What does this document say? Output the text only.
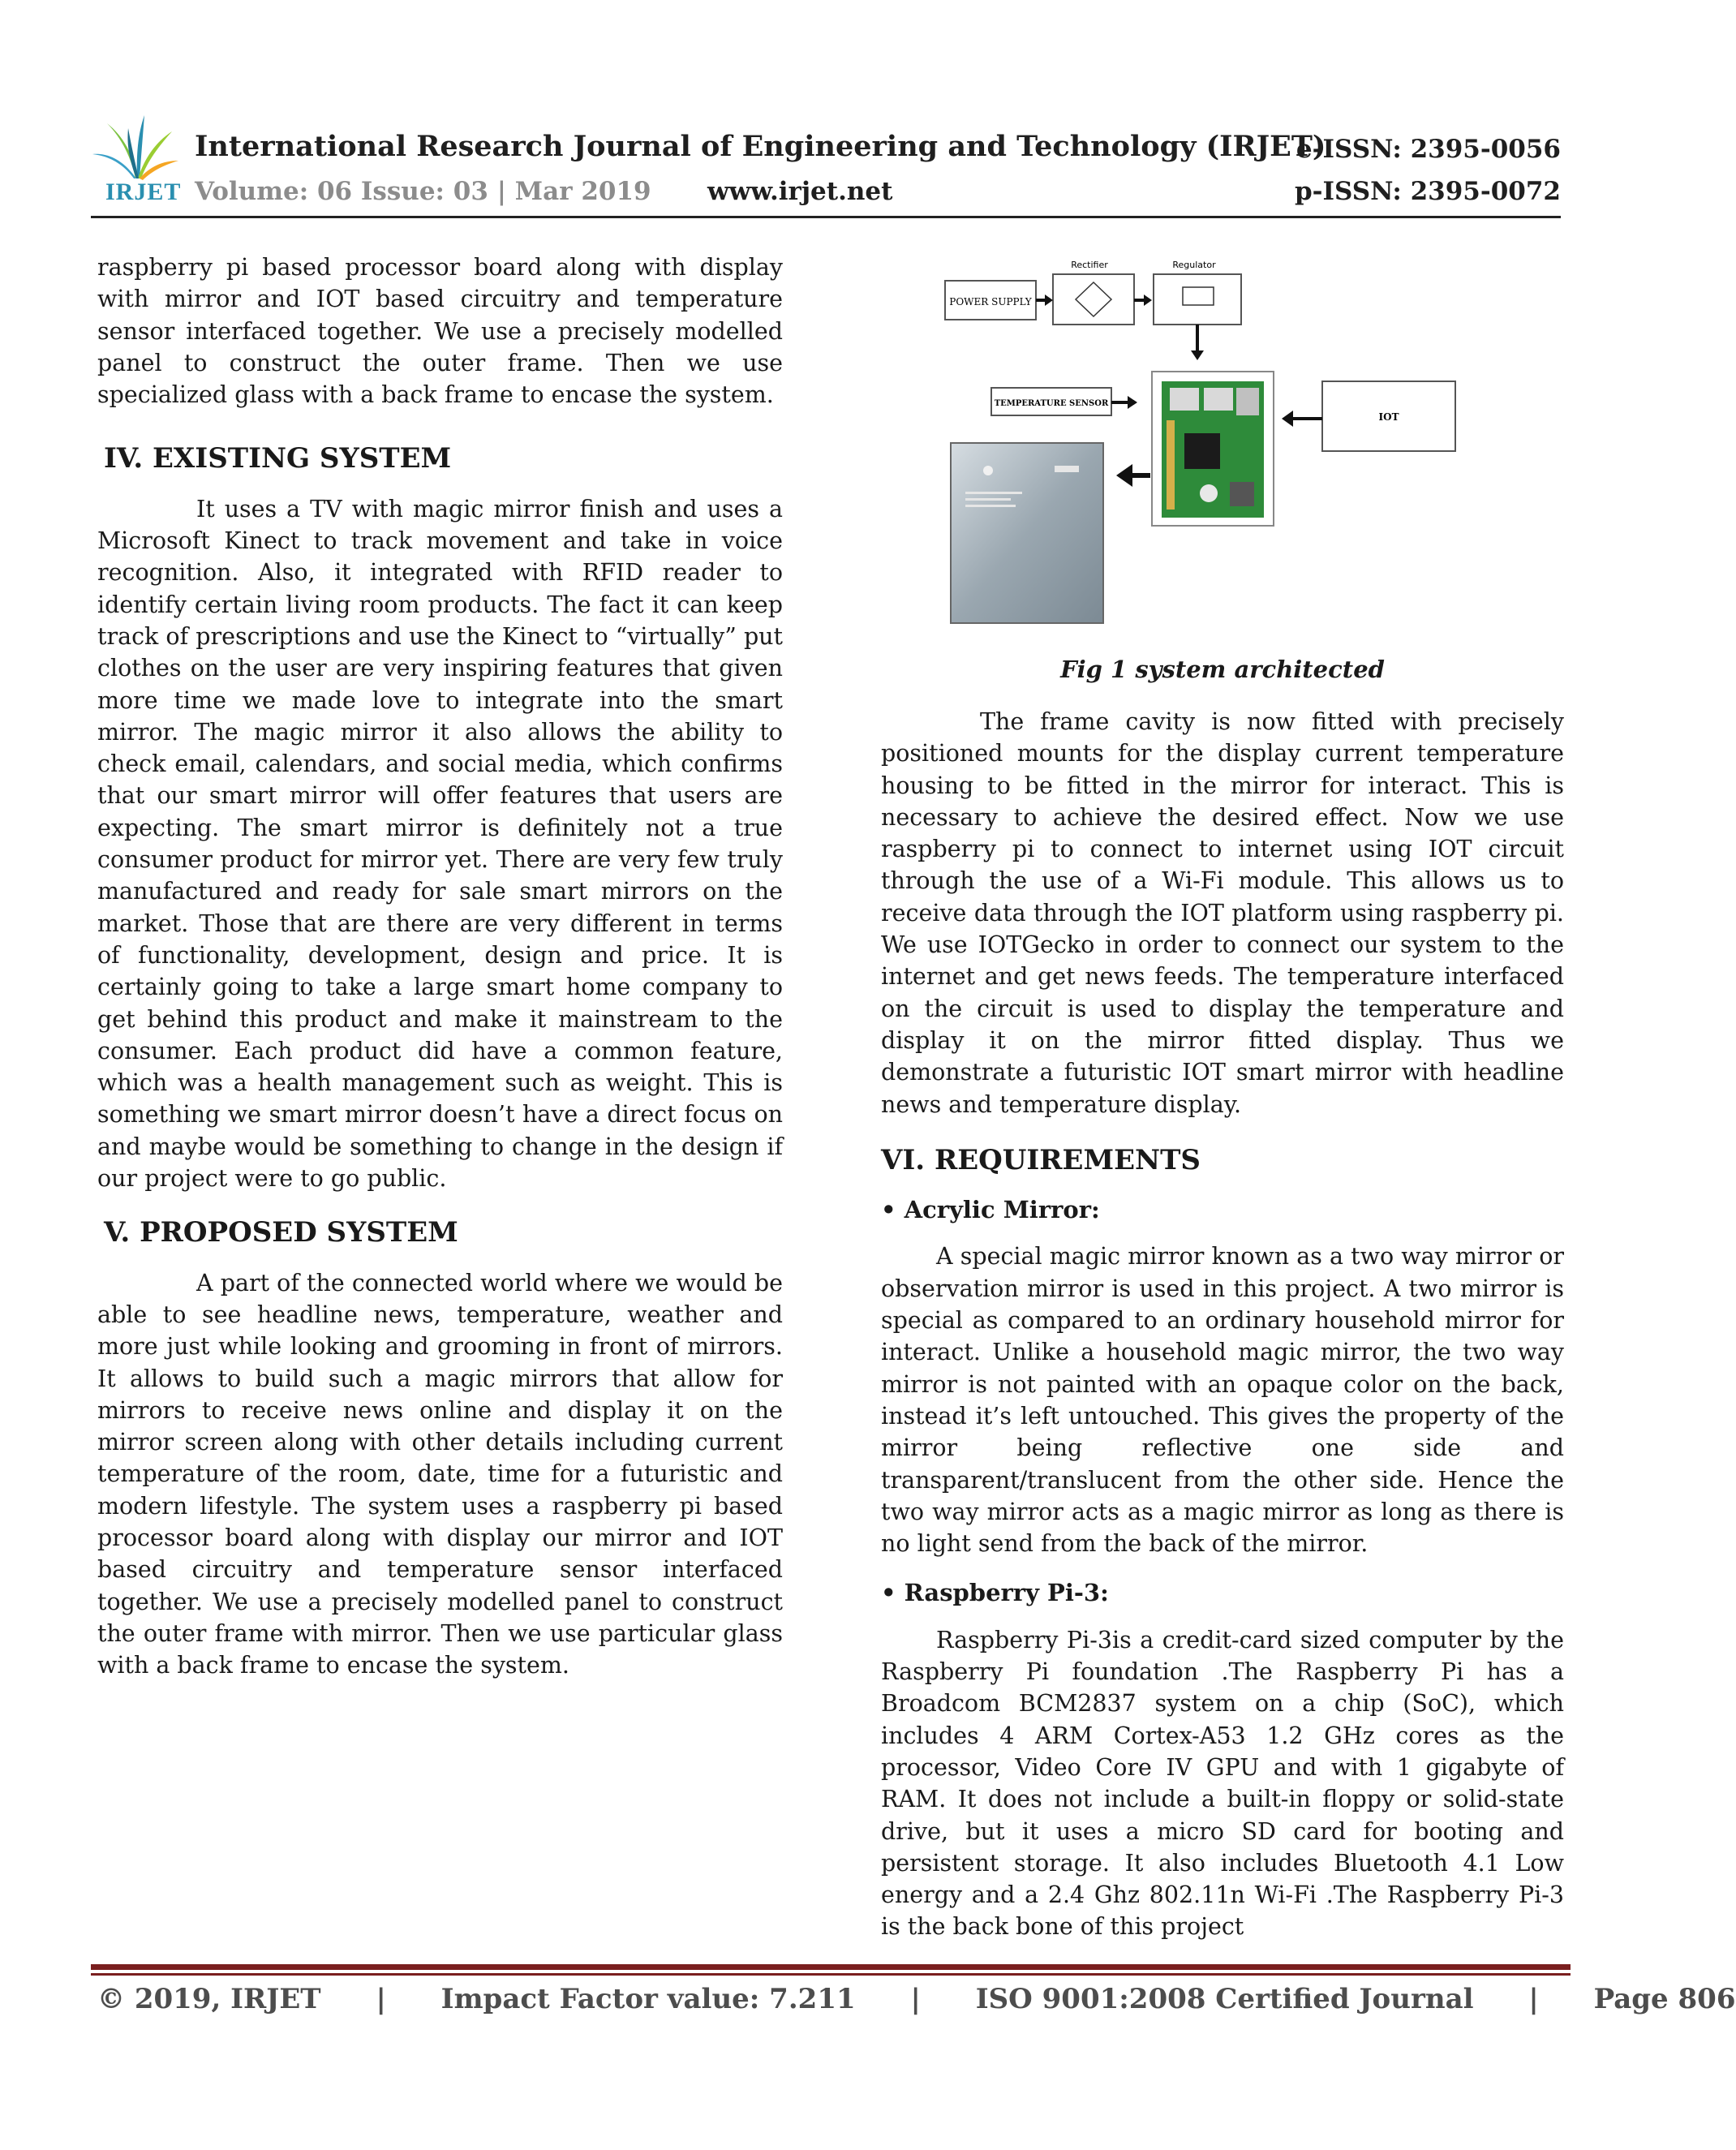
IRJET
International Research Journal of Engineering and Technology (IRJET)
Volume: 06 Issue: 03 | Mar 2019 www.irjet.net
e-ISSN: 2395-0056
p-ISSN: 2395-0072

raspberry pi based processor board along with display with mirror and IOT based circuitry and temperature sensor interfaced together. We use a precisely modelled panel to construct the outer frame. Then we use specialized glass with a back frame to encase the system.

IV. EXISTING SYSTEM

It uses a TV with magic mirror finish and uses a Microsoft Kinect to track movement and take in voice recognition. Also, it integrated with RFID reader to identify certain living room products. The fact it can keep track of prescriptions and use the Kinect to “virtually” put clothes on the user are very inspiring features that given more time we made love to integrate into the smart mirror. The magic mirror it also allows the ability to check email, calendars, and social media, which confirms that our smart mirror will offer features that users are expecting. The smart mirror is definitely not a true consumer product for mirror yet. There are very few truly manufactured and ready for sale smart mirrors on the market. Those that are there are very different in terms of functionality, development, design and price. It is certainly going to take a large smart home company to get behind this product and make it mainstream to the consumer. Each product did have a common feature, which was a health management such as weight. This is something we smart mirror doesn’t have a direct focus on and maybe would be something to change in the design if our project were to go public.

V. PROPOSED SYSTEM

A part of the connected world where we would be able to see headline news, temperature, weather and more just while looking and grooming in front of mirrors. It allows to build such a magic mirrors that allow for mirrors to receive news online and display it on the mirror screen along with other details including current temperature of the room, date, time for a futuristic and modern lifestyle. The system uses a raspberry pi based processor board along with display our mirror and IOT based circuitry and temperature sensor interfaced together. We use a precisely modelled panel to construct the outer frame with mirror. Then we use particular glass with a back frame to encase the system.

POWER SUPPLY
Rectifier	Regulator
TEMPERATURE SENSOR
IOT
Fig 1 system architected

The frame cavity is now fitted with precisely positioned mounts for the display current temperature housing to be fitted in the mirror for interact. This is necessary to achieve the desired effect. Now we use raspberry pi to connect to internet using IOT circuit through the use of a Wi-Fi module. This allows us to receive data through the IOT platform using raspberry pi. We use IOTGecko in order to connect our system to the internet and get news feeds. The temperature interfaced on the circuit is used to display the temperature and display it on the mirror fitted display. Thus we demonstrate a futuristic IOT smart mirror with headline news and temperature display.

VI. REQUIREMENTS
• Acrylic Mirror:

A special magic mirror known as a two way mirror or observation mirror is used in this project. A two mirror is special as compared to an ordinary household mirror for interact. Unlike a household magic mirror, the two way mirror is not painted with an opaque color on the back, instead it’s left untouched. This gives the property of the mirror being reflective one side and transparent/translucent from the other side. Hence the two way mirror acts as a magic mirror as long as there is no light send from the back of the mirror.

• Raspberry Pi-3:

Raspberry Pi-3is a credit-card sized computer by the Raspberry Pi foundation .The Raspberry Pi has a Broadcom BCM2837 system on a chip (SoC), which includes 4 ARM Cortex-A53 1.2 GHz cores as the processor, Video Core IV GPU and with 1 gigabyte of RAM. It does not include a built-in floppy or solid-state drive, but it uses a micro SD card for booting and persistent storage. It also includes Bluetooth 4.1 Low energy and a 2.4 Ghz 802.11n Wi-Fi .The Raspberry Pi-3 is the back bone of this project

© 2019, IRJET | Impact Factor value: 7.211 | ISO 9001:2008 Certified Journal | Page 806
